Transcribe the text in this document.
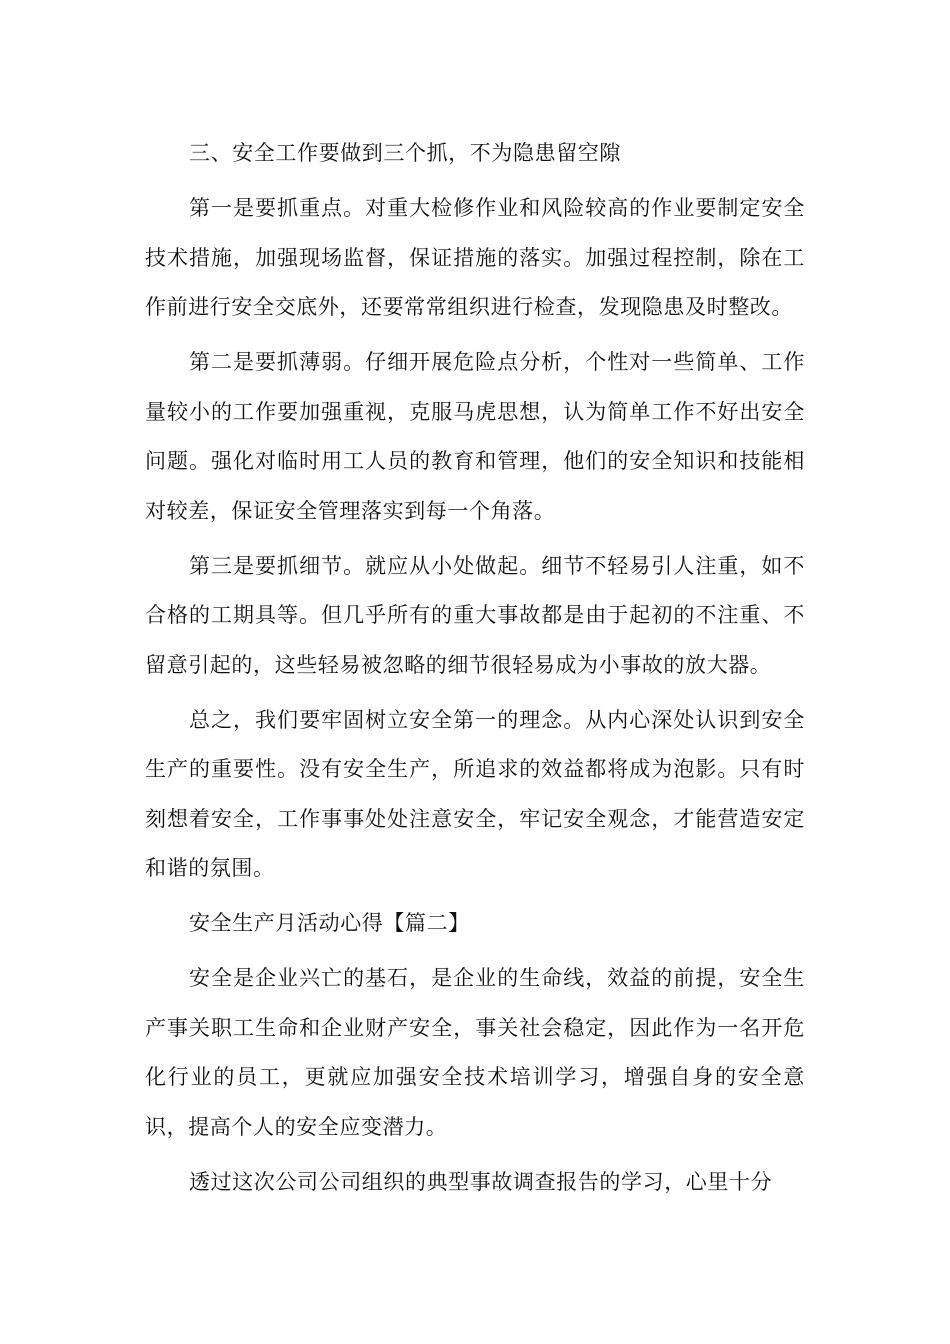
三、安全工作要做到三个抓，不为隐患留空隙

第一是要抓重点。对重大检修作业和风险较高的作业要制定安全技术措施，加强现场监督，保证措施的落实。加强过程控制，除在工作前进行安全交底外，还要常常组织进行检查，发现隐患及时整改。

第二是要抓薄弱。仔细开展危险点分析，个性对一些简单、工作量较小的工作要加强重视，克服马虎思想，认为简单工作不好出安全问题。强化对临时用工人员的教育和管理，他们的安全知识和技能相对较差，保证安全管理落实到每一个角落。

第三是要抓细节。就应从小处做起。细节不轻易引人注重，如不合格的工期具等。但几乎所有的重大事故都是由于起初的不注重、不留意引起的，这些轻易被忽略的细节很轻易成为小事故的放大器。

总之，我们要牢固树立安全第一的理念。从内心深处认识到安全生产的重要性。没有安全生产，所追求的效益都将成为泡影。只有时刻想着安全，工作事事处处注意安全，牢记安全观念，才能营造安定和谐的氛围。

安全生产月活动心得【篇二】

安全是企业兴亡的基石，是企业的生命线，效益的前提，安全生产事关职工生命和企业财产安全，事关社会稳定，因此作为一名开危化行业的员工，更就应加强安全技术培训学习，增强自身的安全意识，提高个人的安全应变潜力。

透过这次公司公司组织的典型事故调查报告的学习，心里十分
